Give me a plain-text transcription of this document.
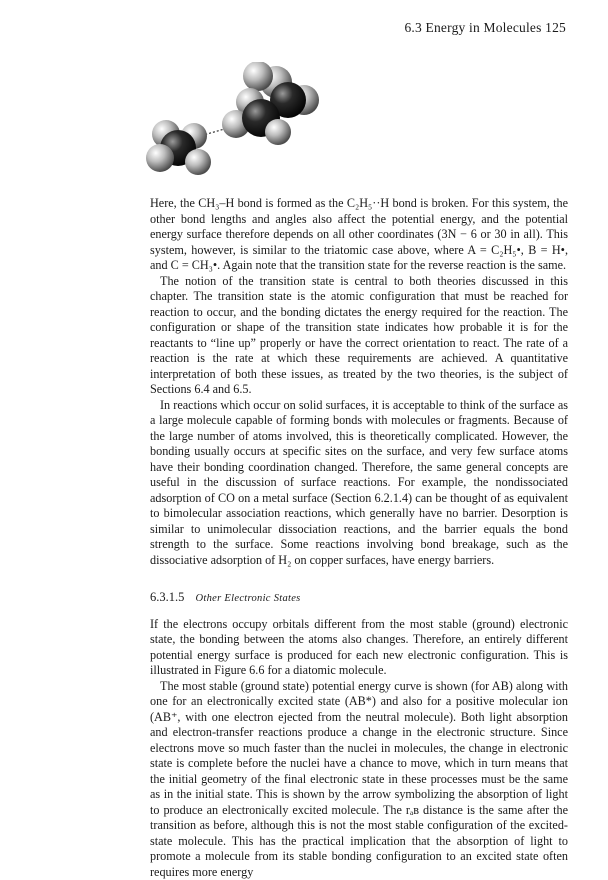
6.3 Energy in Molecules 125

Here, the CH₃–H bond is formed as the C₂H₅··H bond is broken. For this system, the other bond lengths and angles also affect the potential energy, and the potential energy surface therefore depends on all other coordinates (3N − 6 or 30 in all). This system, however, is similar to the triatomic case above, where A = C₂H₅•, B = H•, and C = CH₃•. Again note that the transition state for the reverse reaction is the same.

The notion of the transition state is central to both theories discussed in this chapter. The transition state is the atomic configuration that must be reached for reaction to occur, and the bonding dictates the energy required for the reaction. The configuration or shape of the transition state indicates how probable it is for the reactants to “line up” properly or have the correct orientation to react. The rate of a reaction is the rate at which these requirements are achieved. A quantitative interpretation of both these issues, as treated by the two theories, is the subject of Sections 6.4 and 6.5.

In reactions which occur on solid surfaces, it is acceptable to think of the surface as a large molecule capable of forming bonds with molecules or fragments. Because of the large number of atoms involved, this is theoretically complicated. However, the bonding usually occurs at specific sites on the surface, and very few surface atoms have their bonding coordination changed. Therefore, the same general concepts are useful in the discussion of surface reactions. For example, the nondissociated adsorption of CO on a metal surface (Section 6.2.1.4) can be thought of as equivalent to bimolecular association reactions, which generally have no barrier. Desorption is similar to unimolecular dissociation reactions, and the barrier equals the bond strength to the surface. Some reactions involving bond breakage, such as the dissociative adsorption of H₂ on copper surfaces, have energy barriers.

6.3.1.5 Other Electronic States

If the electrons occupy orbitals different from the most stable (ground) electronic state, the bonding between the atoms also changes. Therefore, an entirely different potential energy surface is produced for each new electronic configuration. This is illustrated in Figure 6.6 for a diatomic molecule.

The most stable (ground state) potential energy curve is shown (for AB) along with one for an electronically excited state (AB*) and also for a positive molecular ion (AB⁺, with one electron ejected from the neutral molecule). Both light absorption and electron-transfer reactions produce a change in the electronic structure. Since electrons move so much faster than the nuclei in molecules, the change in electronic state is complete before the nuclei have a chance to move, which in turn means that the initial geometry of the final electronic state in these processes must be the same as in the initial state. This is shown by the arrow symbolizing the absorption of light to produce an electronically excited molecule. The rₐʙ distance is the same after the transition as before, although this is not the most stable configuration of the excited-state molecule. This has the practical implication that the absorption of light to promote a molecule from its stable bonding configuration to an excited state often requires more energy
